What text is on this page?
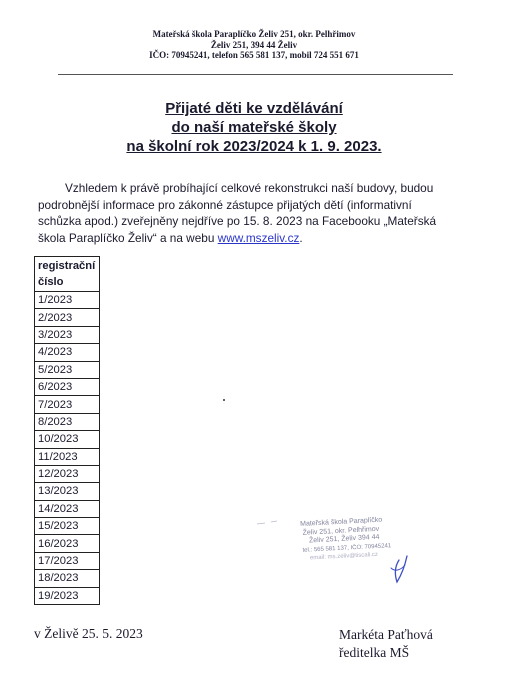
Mateřská škola Paraplíčko Želiv 251, okr. Pelhřimov
Želiv 251, 394 44 Želiv
IČO: 70945241, telefon 565 581 137, mobil 724 551 671
Přijaté děti ke vzdělávání
do naší mateřské školy
na školní rok 2023/2024 k 1. 9. 2023.
Vzhledem k právě probíhající celkové rekonstrukci naší budovy, budou podrobnější informace pro zákonné zástupce přijatých dětí (informativní schůzka apod.) zveřejněny nejdříve po 15. 8. 2023 na Facebooku „Mateřská škola Paraplíčko Želiv“ a na webu www.mszeliv.cz.
registrační
číslo

1/2023
2/2023
3/2023
4/2023
5/2023
6/2023
7/2023
8/2023
10/2023
11/2023
12/2023
13/2023
14/2023
15/2023
16/2023
17/2023
18/2023
19/2023
v Želivě 25. 5. 2023	Markéta Paťhová
ředitelka MŠ
Mateřská škola Paraplíčko
Želiv 251, okr. Pelhřimov
Želiv 251, Želiv 394 44
tel.: 565 581 137, IČO: 70945241
email: ms.zeliv@tiscali.cz
